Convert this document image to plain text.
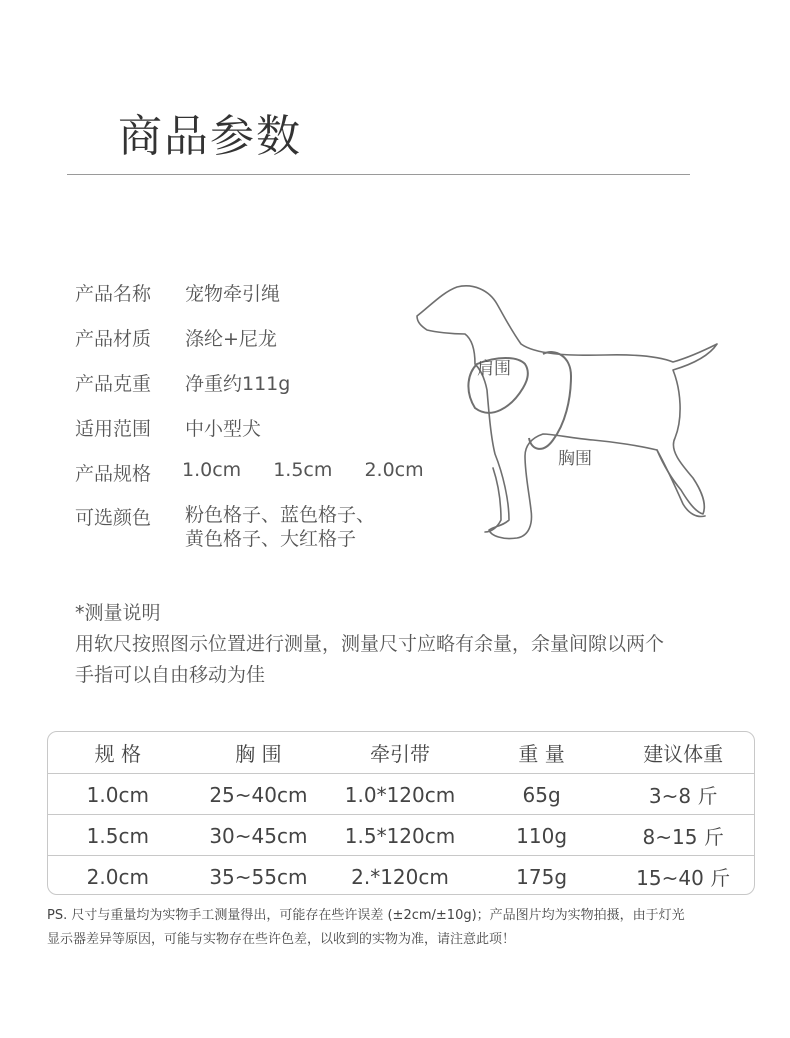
商品参数
产品名称	宠物牵引绳
产品材质	涤纶+尼龙
产品克重	净重约111g
适用范围	中小型犬
产品规格	1.0cm 1.5cm 2.0cm
可选颜色	粉色格子、蓝色格子、
黄色格子、大红格子
肩围
胸围
*测量说明
用软尺按照图示位置进行测量，测量尺寸应略有余量，余量间隙以两个
手指可以自由移动为佳
规 格	胸 围	牵引带	重 量	建议体重
1.0cm	25~40cm	1.0*120cm	65g	3~8 斤
1.5cm	30~45cm	1.5*120cm	110g	8~15 斤
2.0cm	35~55cm	2.*120cm	175g	15~40 斤
PS. 尺寸与重量均为实物手工测量得出，可能存在些许误差 (±2cm/±10g)；产品图片均为实物拍摄，由于灯光
显示器差异等原因，可能与实物存在些许色差，以收到的实物为准，请注意此项！
